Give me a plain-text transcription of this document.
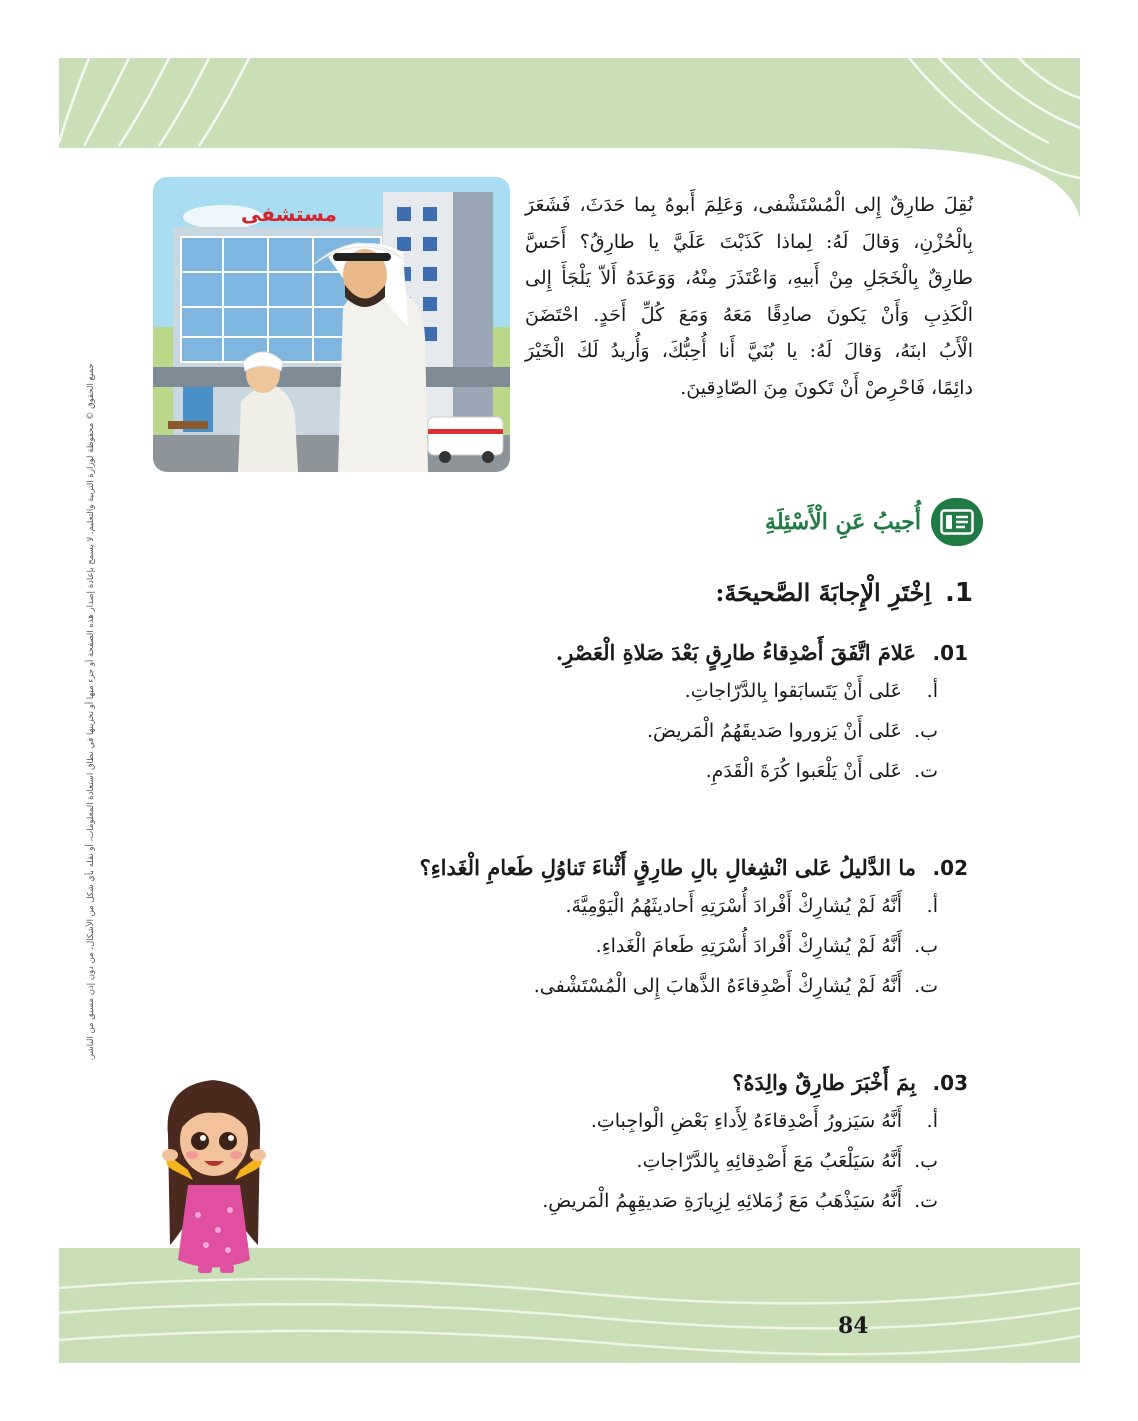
جميع الحقوق © محفوظة لوزارة التربية والتعليم. لا يسمح بإعادة إصدار هذه الصفحة أو جزء منها أو تخزينها في نطاق استعادة المعلومات، أو نقله بأي شكل من الأشكال، من دون إذن مسبق من الناشر.
مستشفى	نُقِلَ طارِقٌ إِلى الْمُسْتَشْفى، وَعَلِمَ أَبوهُ بِما حَدَثَ، فَشَعَرَ
بِالْحُزْنِ، وَقالَ لَهُ: لِماذا كَذَبْتَ عَلَيَّ يا طارِقُ؟ أَحَسَّ
طارِقٌ بِالْخَجَلِ مِنْ أَبيهِ، وَاعْتَذَرَ مِنْهُ، وَوَعَدَهُ أَلاّ يَلْجَأَ إِلى
الْكَذِبِ وَأَنْ يَكونَ صادِقًا مَعَهُ وَمَعَ كُلِّ أَحَدٍ. احْتَضَنَ
الْأَبُ ابنَهُ، وَقالَ لَهُ: يا بُنَيَّ أَنا أُحِبُّكَ، وَأُريدُ لَكَ الْخَيْرَ
دائِمًا، فَاحْرِصْ أَنْ تَكونَ مِنَ الصّادِقينَ.
أُجيبُ عَنِ الْأَسْئِلَةِ
1.
اِخْتَرِ الْإِجابَةَ الصَّحيحَةَ:
01.
عَلامَ اتَّفَقَ أَصْدِقاءُ طارِقٍ بَعْدَ صَلاةِ الْعَصْرِ.
أ.
عَلى أَنْ يَتَسابَقوا بِالدَّرّاجاتِ.
ب.
عَلى أَنْ يَزوروا صَديقَهُمُ الْمَريضَ.
ت.
عَلى أَنْ يَلْعَبوا كُرَةَ الْقَدَمِ.
02.
ما الدَّليلُ عَلى انْشِغالِ بالِ طارِقٍ أَثْناءَ تَناوُلِ طَعامِ الْغَداءِ؟
أ.
أَنَّهُ لَمْ يُشارِكْ أَفْرادَ أُسْرَتِهِ أَحاديثَهُمُ الْيَوْمِيَّةَ.
ب.
أَنَّهُ لَمْ يُشارِكْ أَفْرادَ أُسْرَتِهِ طَعامَ الْغَداءِ.
ت.
أَنَّهُ لَمْ يُشارِكْ أَصْدِقاءَهُ الذَّهابَ إِلى الْمُسْتَشْفى.
03.
بِمَ أَخْبَرَ طارِقٌ والِدَهُ؟
أ.
أَنَّهُ سَيَزورُ أَصْدِقاءَهُ لِأَداءِ بَعْضِ الْواجِباتِ.
ب.
أَنَّهُ سَيَلْعَبُ مَعَ أَصْدِقائِهِ بِالدَّرّاجاتِ.
ت.
أَنَّهُ سَيَذْهَبُ مَعَ زُمَلائِهِ لِزِيارَةِ صَديقِهِمُ الْمَريضِ.
84
